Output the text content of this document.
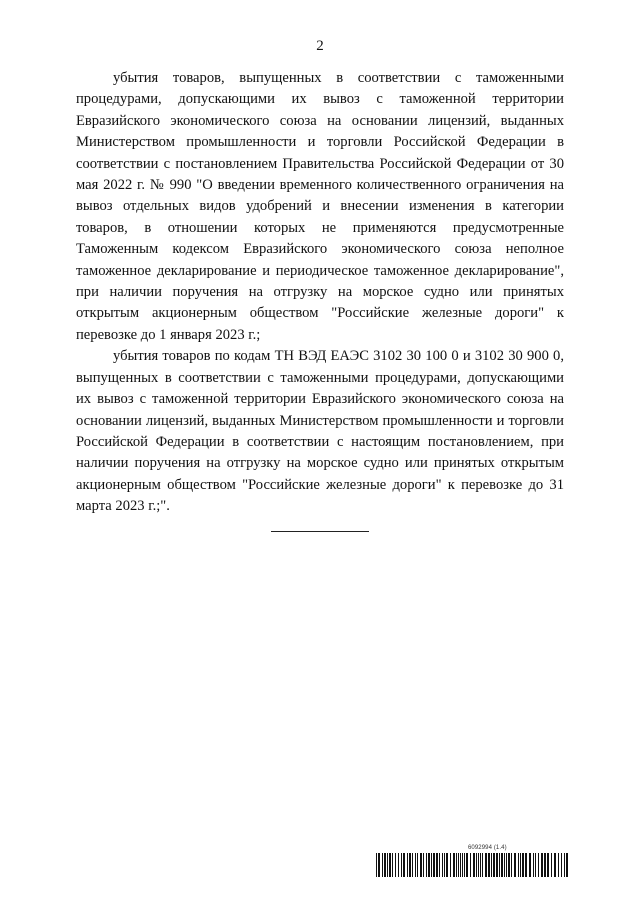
2

убытия товаров, выпущенных в соответствии с таможенными процедурами, допускающими их вывоз с таможенной территории Евразийского экономического союза на основании лицензий, выданных Министерством промышленности и торговли Российской Федерации в соответствии с постановлением Правительства Российской Федерации от 30 мая 2022 г. № 990 "О введении временного количественного ограничения на вывоз отдельных видов удобрений и внесении изменения в категории товаров, в отношении которых не применяются предусмотренные Таможенным кодексом Евразийского экономического союза неполное таможенное декларирование и периодическое таможенное декларирование", при наличии поручения на отгрузку на морское судно или принятых открытым акционерным обществом "Российские железные дороги" к перевозке до 1 января 2023 г.;

убытия товаров по кодам ТН ВЭД ЕАЭС 3102 30 100 0 и 3102 30 900 0, выпущенных в соответствии с таможенными процедурами, допускающими их вывоз с таможенной территории Евразийского экономического союза на основании лицензий, выданных Министерством промышленности и торговли Российской Федерации в соответствии с настоящим постановлением, при наличии поручения на отгрузку на морское судно или принятых открытым акционерным обществом "Российские железные дороги" к перевозке до 31 марта 2023 г.;".

6092994 (1.4)
